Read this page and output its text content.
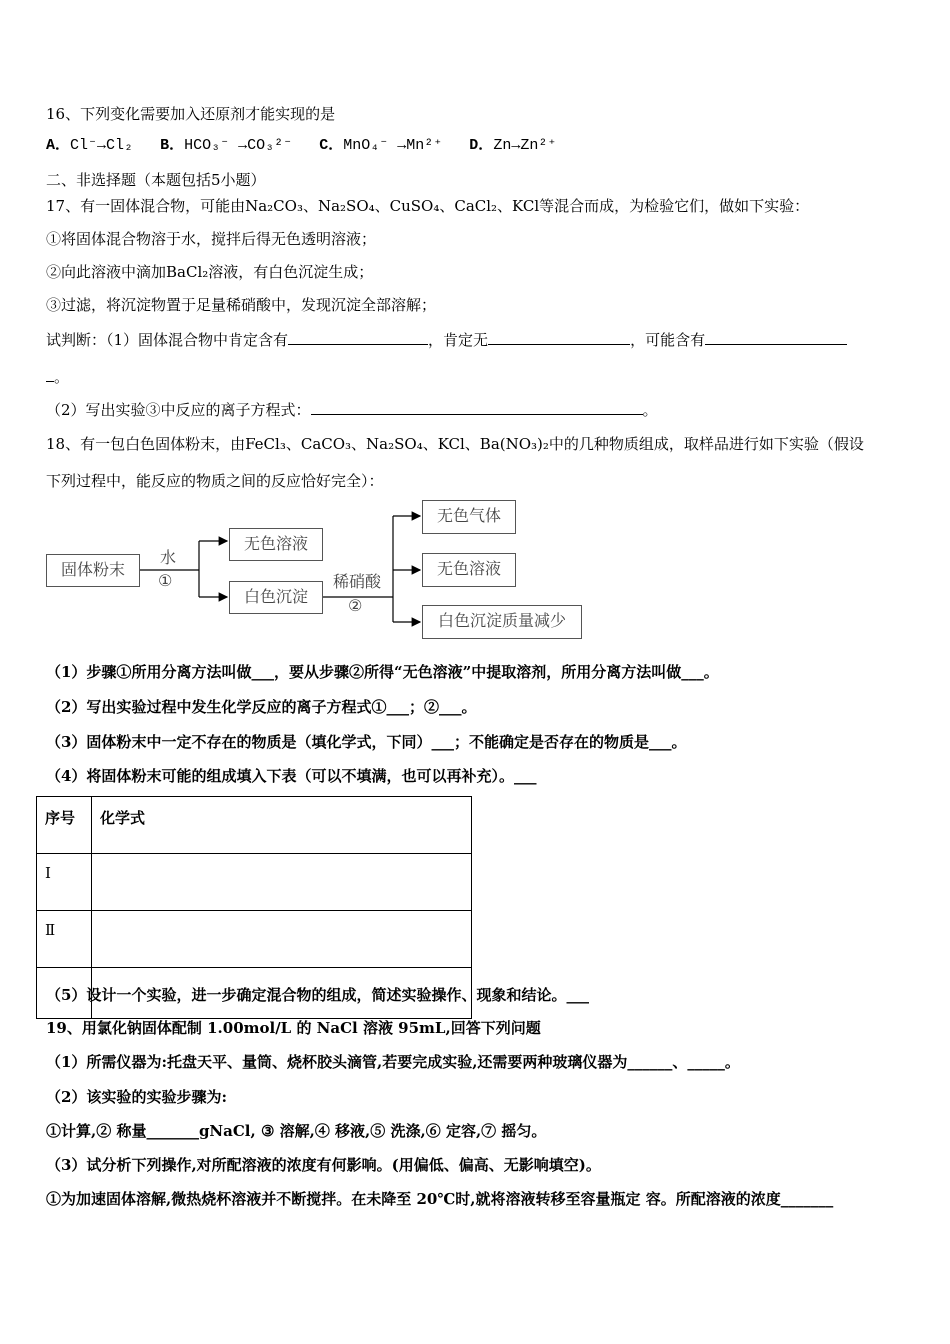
16、下列变化需要加入还原剂才能实现的是
A．Cl⁻→Cl₂ B．HCO₃⁻ →CO₃²⁻ C．MnO₄⁻ →Mn²⁺ D．Zn→Zn²⁺
二、非选择题（本题包括5小题）
17、有一固体混合物，可能由Na₂CO₃、Na₂SO₄、CuSO₄、CaCl₂、KCl等混合而成，为检验它们，做如下实验：
①将固体混合物溶于水，搅拌后得无色透明溶液；
②向此溶液中滴加BaCl₂溶液，有白色沉淀生成；
③过滤，将沉淀物置于足量稀硝酸中，发现沉淀全部溶解；
试判断：（1）固体混合物中肯定含有	，肯定无	，可能含有
。
（2）写出实验③中反应的离子方程式：	。
18、有一包白色固体粉末，由FeCl₃、CaCO₃、Na₂SO₄、KCl、Ba(NO₃)₂中的几种物质组成，取样品进行如下实验（假设
下列过程中，能反应的物质之间的反应恰好完全）：
固体粉末
水
①
无色溶液
白色沉淀
稀硝酸
②
无色气体
无色溶液
白色沉淀质量减少
（1）步骤①所用分离方法叫做___，要从步骤②所得“无色溶液”中提取溶剂，所用分离方法叫做___。
（2）写出实验过程中发生化学反应的离子方程式①___；②___。
（3）固体粉末中一定不存在的物质是（填化学式，下同）___；不能确定是否存在的物质是___。
（4）将固体粉末可能的组成填入下表（可以不填满，也可以再补充）。___
序号	化学式
Ⅰ	
Ⅱ	

（5）设计一个实验，进一步确定混合物的组成，简述实验操作、现象和结论。___
19、用氯化钠固体配制 1.00mol/L 的 NaCl 溶液 95mL,回答下列问题
（1）所需仪器为:托盘天平、量筒、烧杯胶头滴管,若要完成实验,还需要两种玻璃仪器为______、_____。
（2）该实验的实验步骤为:
①计算,② 称量_______gNaCl, ③ 溶解,④ 移液,⑤ 洗涤,⑥ 定容,⑦ 摇匀。
（3）试分析下列操作,对所配溶液的浓度有何影响。(用偏低、偏高、无影响填空)。
①为加速固体溶解,微热烧杯溶液并不断搅拌。在未降至 20℃时,就将溶液转移至容量瓶定 容。所配溶液的浓度_______
